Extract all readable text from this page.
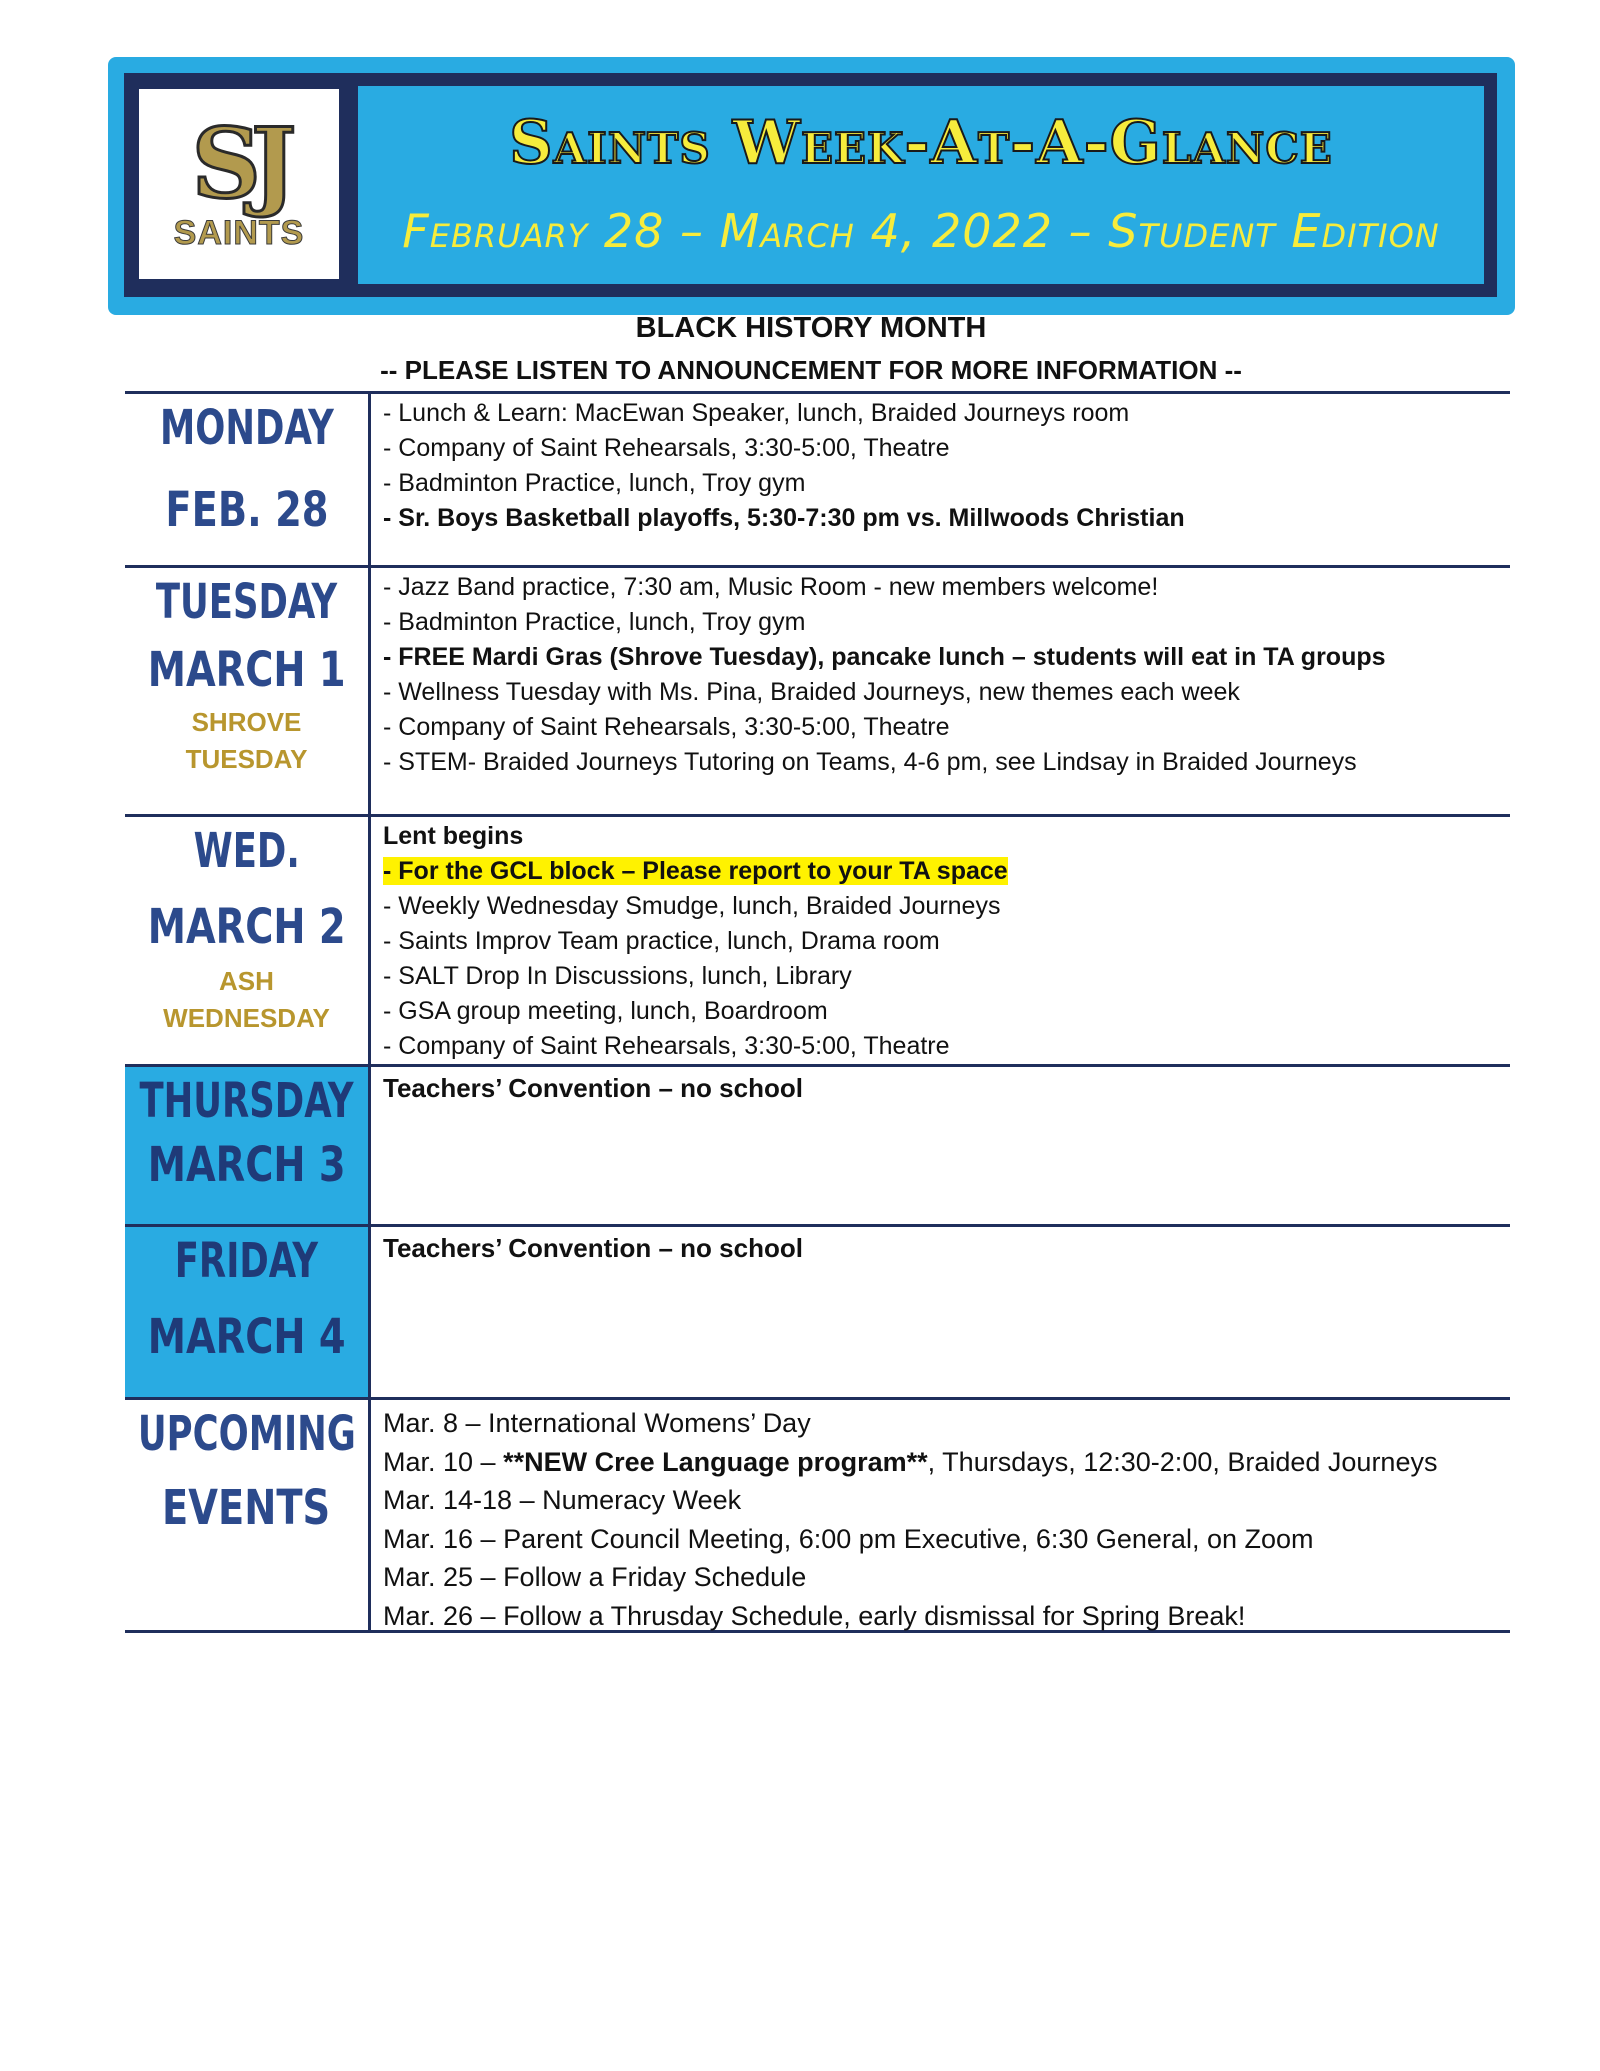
SJ
SAINTS
Saints Week-At-A-Glance
February 28 – March 4, 2022 – Student Edition
BLACK HISTORY MONTH
-- PLEASE LISTEN TO ANNOUNCEMENT FOR MORE INFORMATION --
MONDAY
FEB. 28
- Lunch & Learn: MacEwan Speaker, lunch, Braided Journeys room
- Company of Saint Rehearsals, 3:30-5:00, Theatre
- Badminton Practice, lunch, Troy gym
- Sr. Boys Basketball playoffs, 5:30-7:30 pm vs. Millwoods Christian
TUESDAY
MARCH 1
SHROVE
TUESDAY
- Jazz Band practice, 7:30 am, Music Room - new members welcome!
- Badminton Practice, lunch, Troy gym
- FREE Mardi Gras (Shrove Tuesday), pancake lunch – students will eat in TA groups
- Wellness Tuesday with Ms. Pina, Braided Journeys, new themes each week
- Company of Saint Rehearsals, 3:30-5:00, Theatre
- STEM- Braided Journeys Tutoring on Teams, 4-6 pm, see Lindsay in Braided Journeys
WED.
MARCH 2
ASH
WEDNESDAY
Lent begins
- For the GCL block – Please report to your TA space
- Weekly Wednesday Smudge, lunch, Braided Journeys
- Saints Improv Team practice, lunch, Drama room
- SALT Drop In Discussions, lunch, Library
- GSA group meeting, lunch, Boardroom
- Company of Saint Rehearsals, 3:30-5:00, Theatre
THURSDAY
MARCH 3
Teachers’ Convention – no school
FRIDAY
MARCH 4
Teachers’ Convention – no school
UPCOMING
EVENTS
Mar. 8 – International Womens’ Day
Mar. 10 – **NEW Cree Language program**, Thursdays, 12:30-2:00, Braided Journeys
Mar. 14-18 – Numeracy Week
Mar. 16 – Parent Council Meeting, 6:00 pm Executive, 6:30 General, on Zoom
Mar. 25 – Follow a Friday Schedule
Mar. 26 – Follow a Thrusday Schedule, early dismissal for Spring Break!
